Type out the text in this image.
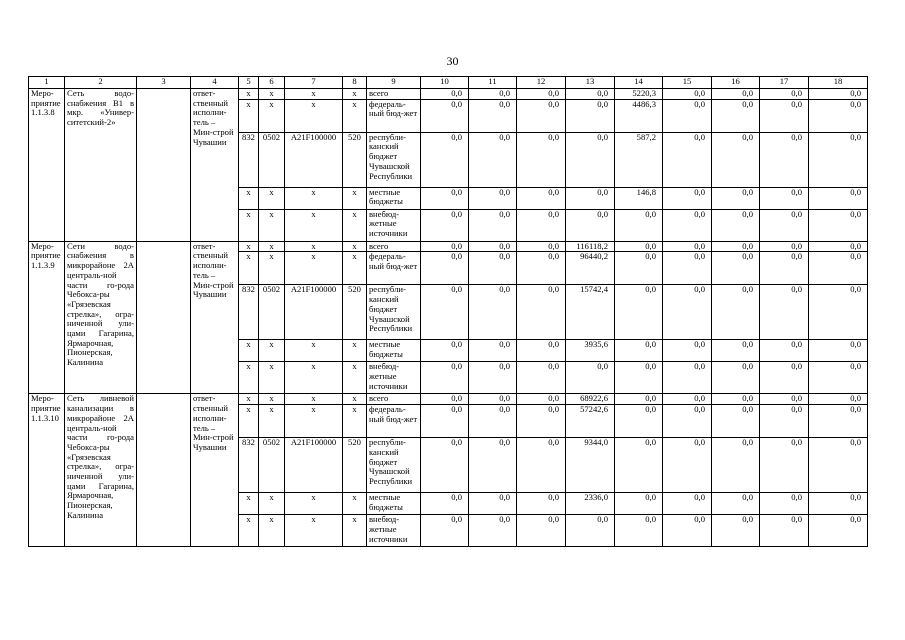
30
1	2	3	4	5	6	7	8	9	10	11	12	13	14	15	16	17	18
Меро-приятие 1.1.3.8	Сеть водо-снабжения В1 в мкр. «Универ-ситетский-2»		ответ-ственный исполни-тель – Мин-строй Чувашии	х	х	х	х	всего	0,0	0,0	0,0	0,0	5220,3	0,0	0,0	0,0	0,0
				х	х	х	х	федераль-ный бюд-жет	0,0	0,0	0,0	0,0	4486,3	0,0	0,0	0,0	0,0
				832	0502	A21F100000	520	республи-канский бюджет Чувашской Республики	0,0	0,0	0,0	0,0	587,2	0,0	0,0	0,0	0,0
				х	х	х	х	местные бюджеты	0,0	0,0	0,0	0,0	146,8	0,0	0,0	0,0	0,0
				х	х	х	х	внебюд-жетные источники	0,0	0,0	0,0	0,0	0,0	0,0	0,0	0,0	0,0
Меро-приятие 1.1.3.9	Сети водо-снабжения в микрорайоне 2А централь-ной части го-рода Чебокса-ры «Грязевская стрелка», огра-ниченной ули-цами Гагарина, Ярмарочная, Пионерская, Калинина		ответ-ственный исполни-тель – Мин-строй Чувашии	х	х	х	х	всего	0,0	0,0	0,0	116118,2	0,0	0,0	0,0	0,0	0,0
				х	х	х	х	федераль-ный бюд-жет	0,0	0,0	0,0	96440,2	0,0	0,0	0,0	0,0	0,0
				832	0502	A21F100000	520	республи-канский бюджет Чувашской Республики	0,0	0,0	0,0	15742,4	0,0	0,0	0,0	0,0	0,0
				х	х	х	х	местные бюджеты	0,0	0,0	0,0	3935,6	0,0	0,0	0,0	0,0	0,0
				х	х	х	х	внебюд-жетные источники	0,0	0,0	0,0	0,0	0,0	0,0	0,0	0,0	0,0
Меро-приятие 1.1.3.10	Сеть ливневой канализации в микрорайоне 2А централь-ной части го-рода Чебокса-ры «Грязевская стрелка», огра-ниченной ули-цами Гагарина, Ярмарочная, Пионерская, Калинина		ответ-ственный исполни-тель – Мин-строй Чувашии	х	х	х	х	всего	0,0	0,0	0,0	68922,6	0,0	0,0	0,0	0,0	0,0
				х	х	х	х	федераль-ный бюд-жет	0,0	0,0	0,0	57242,6	0,0	0,0	0,0	0,0	0,0
				832	0502	A21F100000	520	республи-канский бюджет Чувашской Республики	0,0	0,0	0,0	9344,0	0,0	0,0	0,0	0,0	0,0
				х	х	х	х	местные бюджеты	0,0	0,0	0,0	2336,0	0,0	0,0	0,0	0,0	0,0
				х	х	х	х	внебюд-жетные источники	0,0	0,0	0,0	0,0	0,0	0,0	0,0	0,0	0,0
